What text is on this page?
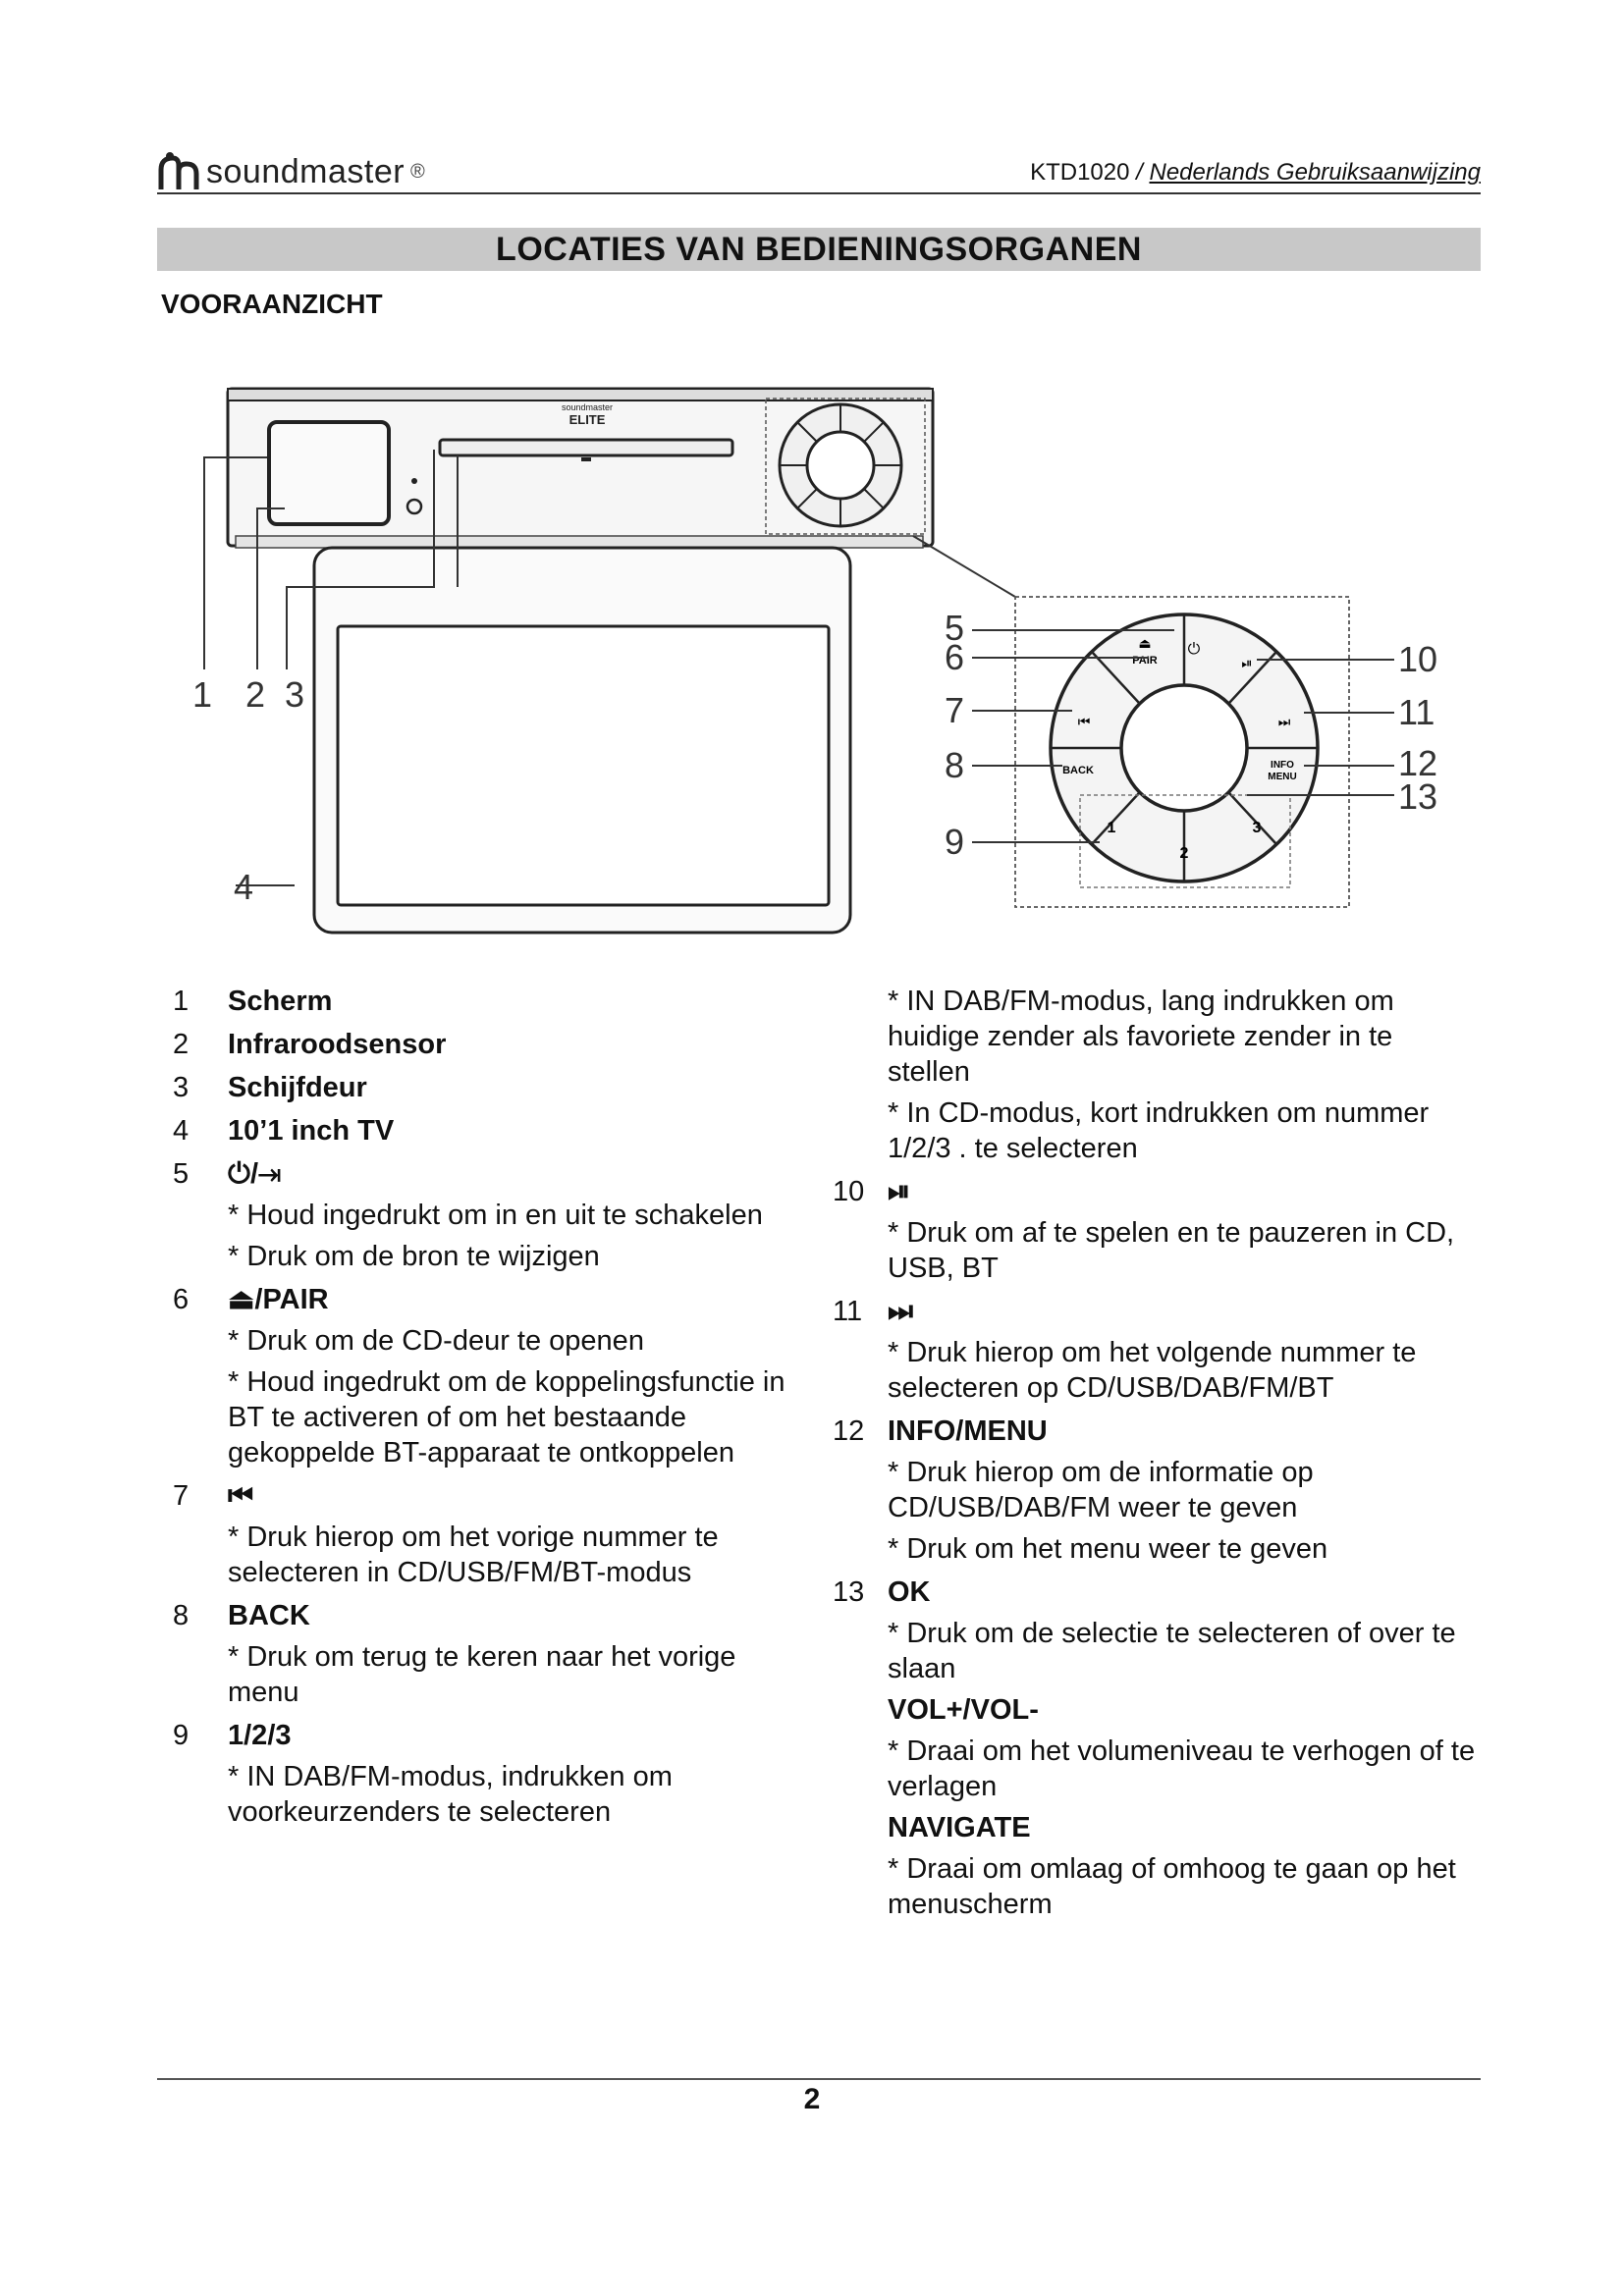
soundmaster ®	KTD1020 / Nederlands Gebruiksaanwijzing
LOCATIES VAN BEDIENINGSORGANEN
VOORAANZICHT
soundmaster
ELITE
1 2 3
4
PAIR
⏏ ⏻
⏯
⏭
INFO
MENU
⏮
BACK
1
2
3
5
6
7
8
9
10
11
12
13
1	Scherm
2	Infraroodsensor
3	Schijfdeur
4	10’1 inch TV
5	⏻/⇥
* Houd ingedrukt om in en uit te schakelen
* Druk om de bron te wijzigen
6	⏏/PAIR
* Druk om de CD-deur te openen
* Houd ingedrukt om de koppelingsfunctie in BT te activeren of om het bestaande gekoppelde BT-apparaat te ontkoppelen
7	⏮
* Druk hierop om het vorige nummer te selecteren in CD/USB/FM/BT-modus
8	BACK
* Druk om terug te keren naar het vorige menu
9	1/2/3
* IN DAB/FM-modus, indrukken om voorkeurzenders te selecteren
* IN DAB/FM-modus, lang indrukken om huidige zender als favoriete zender in te stellen
* In CD-modus, kort indrukken om nummer 1/2/3 . te selecteren
10 ⏯
* Druk om af te spelen en te pauzeren in CD, USB, BT
11 ⏭
* Druk hierop om het volgende nummer te selecteren op CD/USB/DAB/FM/BT
12 INFO/MENU
* Druk hierop om de informatie op CD/USB/DAB/FM weer te geven
* Druk om het menu weer te geven
13 OK
* Druk om de selectie te selecteren of over te slaan
VOL+/VOL-
* Draai om het volumeniveau te verhogen of te verlagen
NAVIGATE
* Draai om omlaag of omhoog te gaan op het menuscherm
2
